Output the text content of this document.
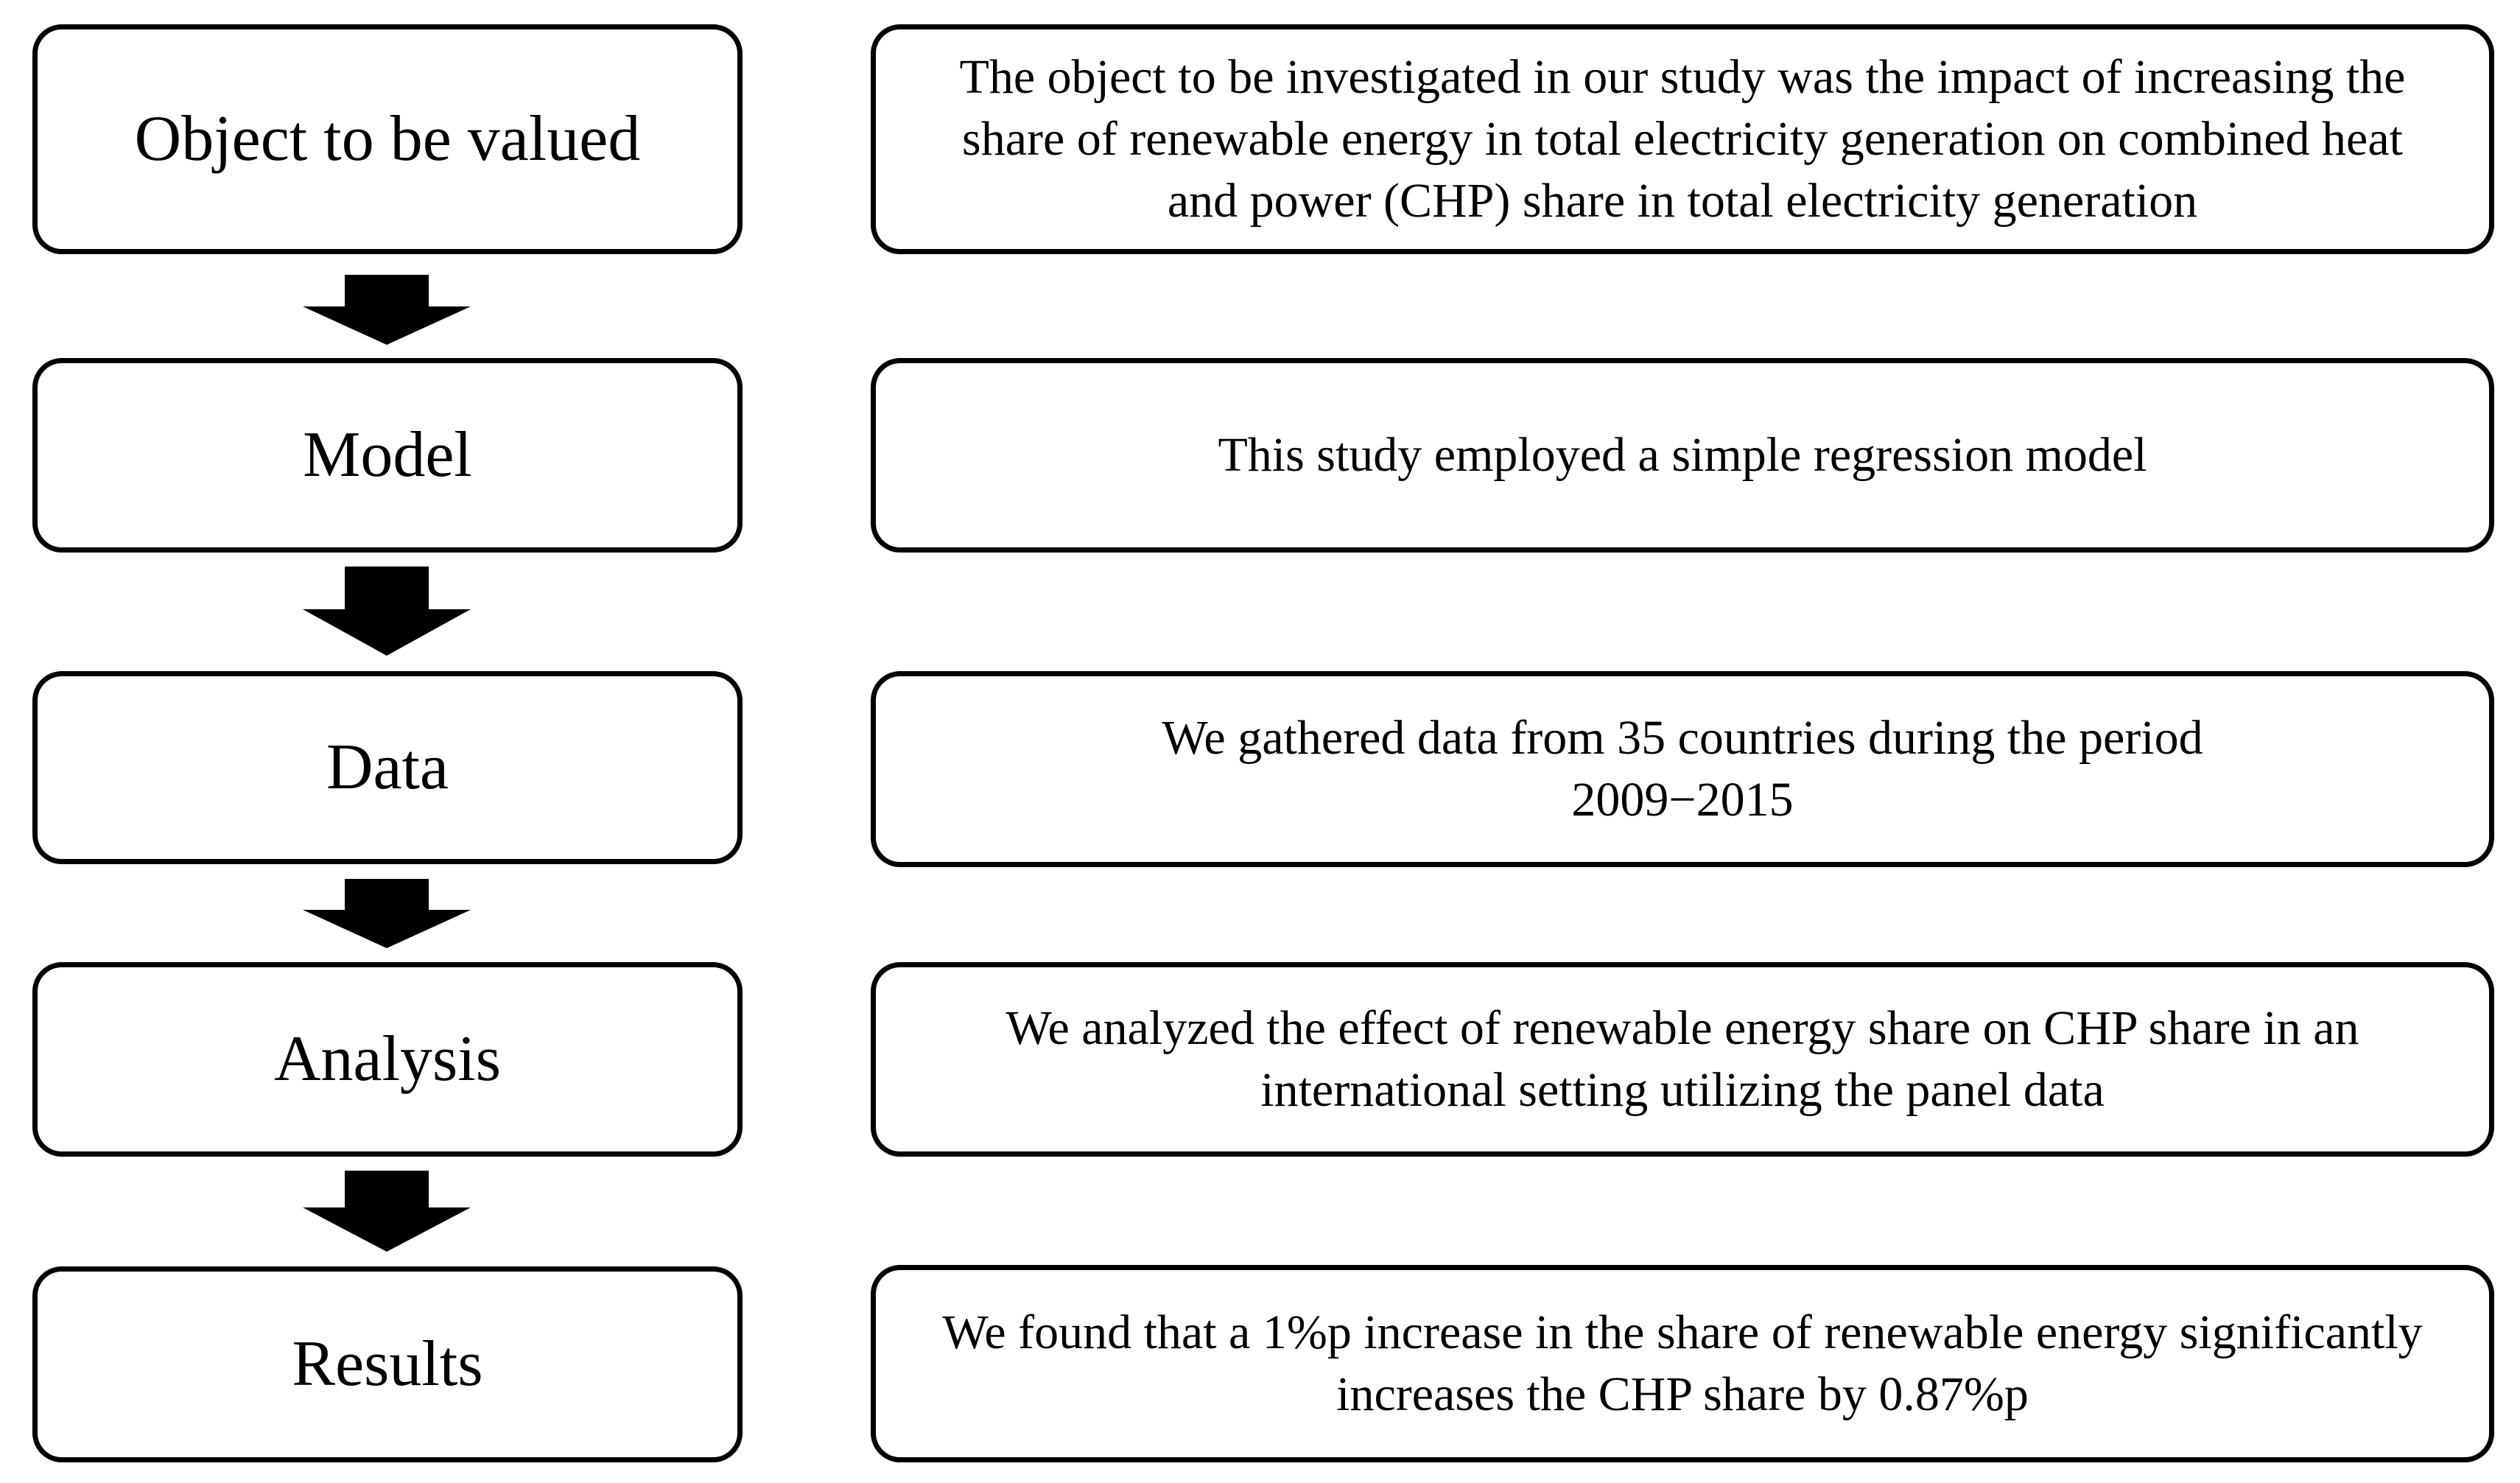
Object to be valued
Model
Data
Analysis
Results
The object to be investigated in our study was the impact of increasing the share of renewable energy in total electricity generation on combined heat and power (CHP) share in total electricity generation
This study employed a simple regression model
We gathered data from 35 countries during the period
2009−2015
We analyzed the effect of renewable energy share on CHP share in an international setting utilizing the panel data
We found that a 1%p increase in the share of renewable energy significantly increases the CHP share by 0.87%p
